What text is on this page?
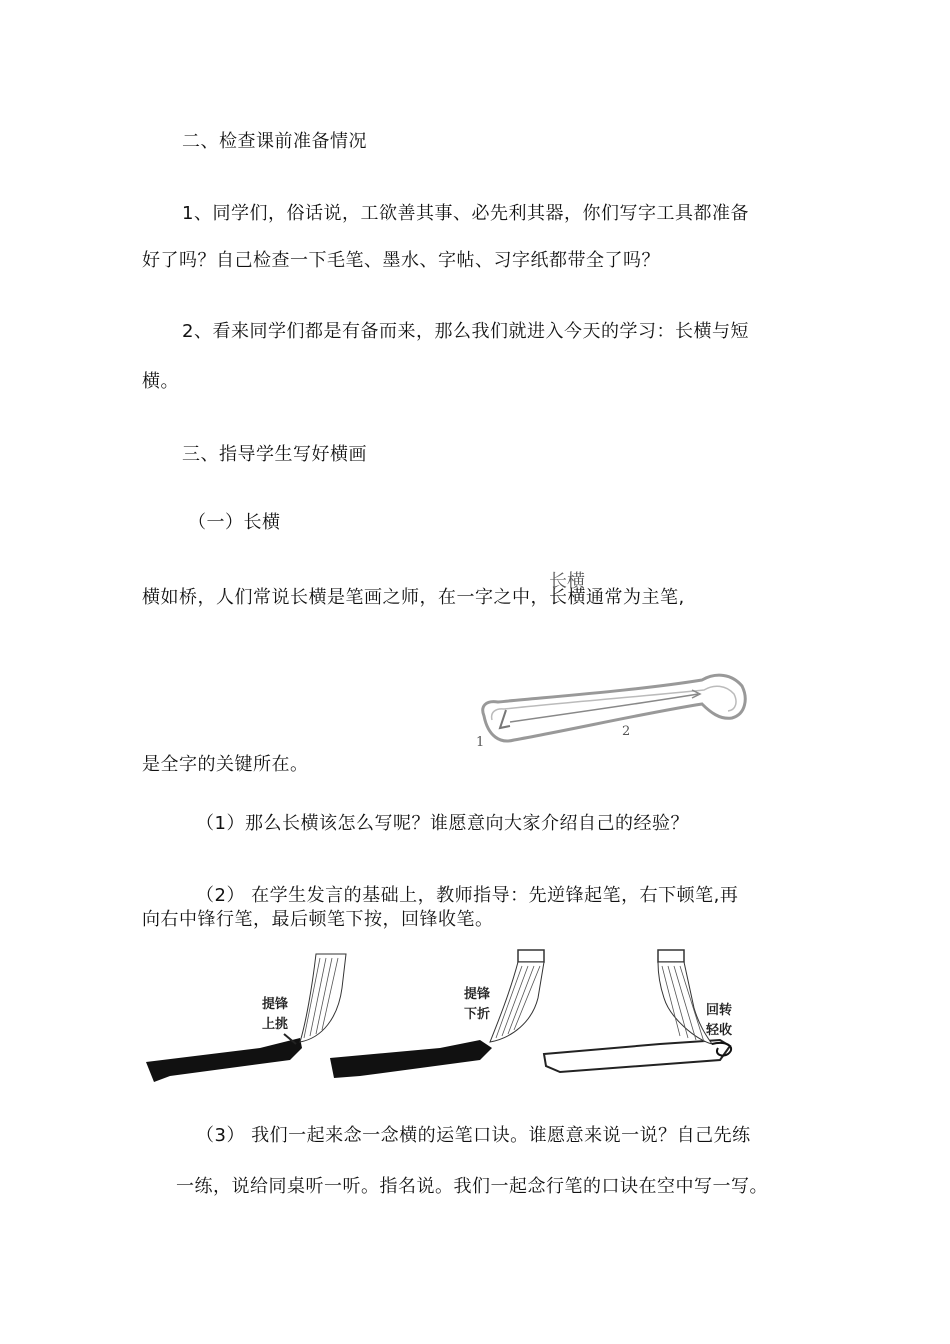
二、检查课前准备情况
1、同学们，俗话说，工欲善其事、必先利其器，你们写字工具都准备
好了吗？自己检查一下毛笔、墨水、字帖、习字纸都带全了吗？
2、看来同学们都是有备而来，那么我们就进入今天的学习：长横与短
横。
三、指导学生写好横画
（一）长横
横如桥，人们常说长横是笔画之师，在一字之中，长横通常为主笔,
长横
1
2
是全字的关键所在。
（1）那么长横该怎么写呢？谁愿意向大家介绍自己的经验？
（2） 在学生发言的基础上，教师指导：先逆锋起笔，右下顿笔,再
向右中锋行笔，最后顿笔下按，回锋收笔。
提锋
上挑
提锋
下折	回转
轻收
（3） 我们一起来念一念横的运笔口诀。谁愿意来说一说？自己先练
一练，说给同桌听一听。指名说。我们一起念行笔的口诀在空中写一写。
